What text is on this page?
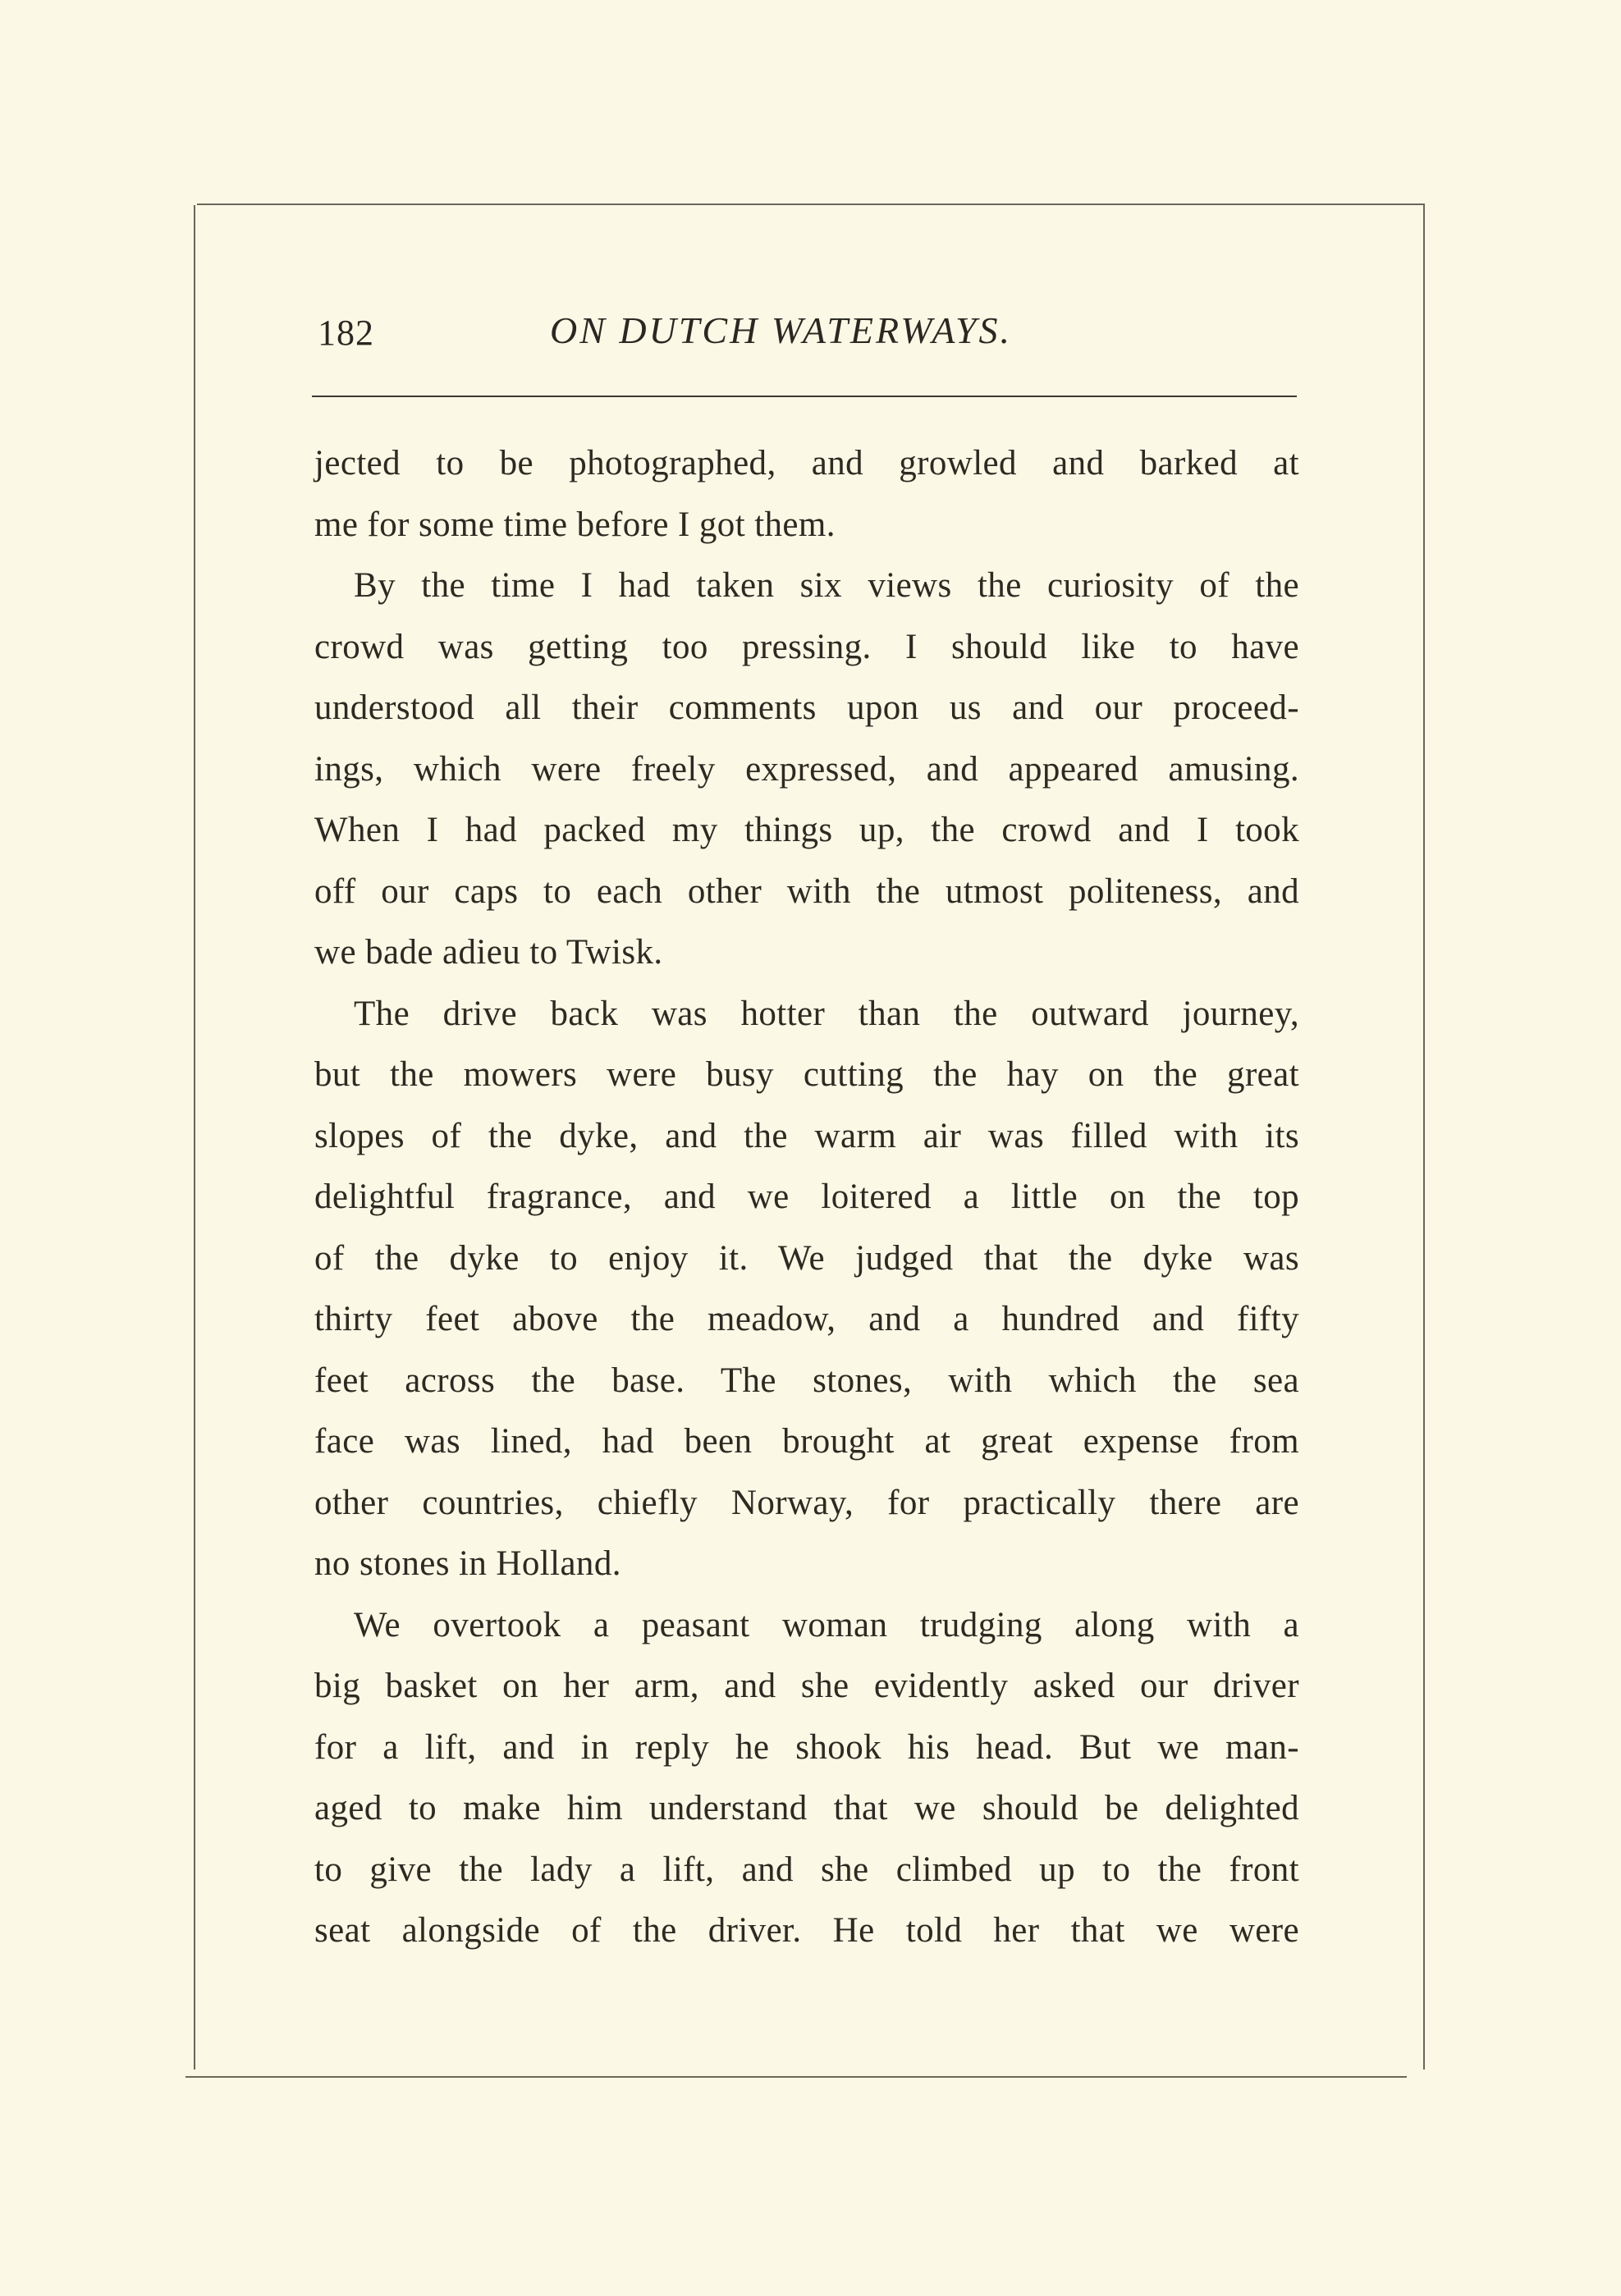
182	ON DUTCH WATERWAYS.
jected to be photographed, and growled and barked at
me for some time before I got them.
By the time I had taken six views the curiosity of the
crowd was getting too pressing. I should like to have
understood all their comments upon us and our proceed-
ings, which were freely expressed, and appeared amusing.
When I had packed my things up, the crowd and I took
off our caps to each other with the utmost politeness, and
we bade adieu to Twisk.
The drive back was hotter than the outward journey,
but the mowers were busy cutting the hay on the great
slopes of the dyke, and the warm air was filled with its
delightful fragrance, and we loitered a little on the top
of the dyke to enjoy it. We judged that the dyke was
thirty feet above the meadow, and a hundred and fifty
feet across the base. The stones, with which the sea
face was lined, had been brought at great expense from
other countries, chiefly Norway, for practically there are
no stones in Holland.
We overtook a peasant woman trudging along with a
big basket on her arm, and she evidently asked our driver
for a lift, and in reply he shook his head. But we man-
aged to make him understand that we should be delighted
to give the lady a lift, and she climbed up to the front
seat alongside of the driver. He told her that we were
